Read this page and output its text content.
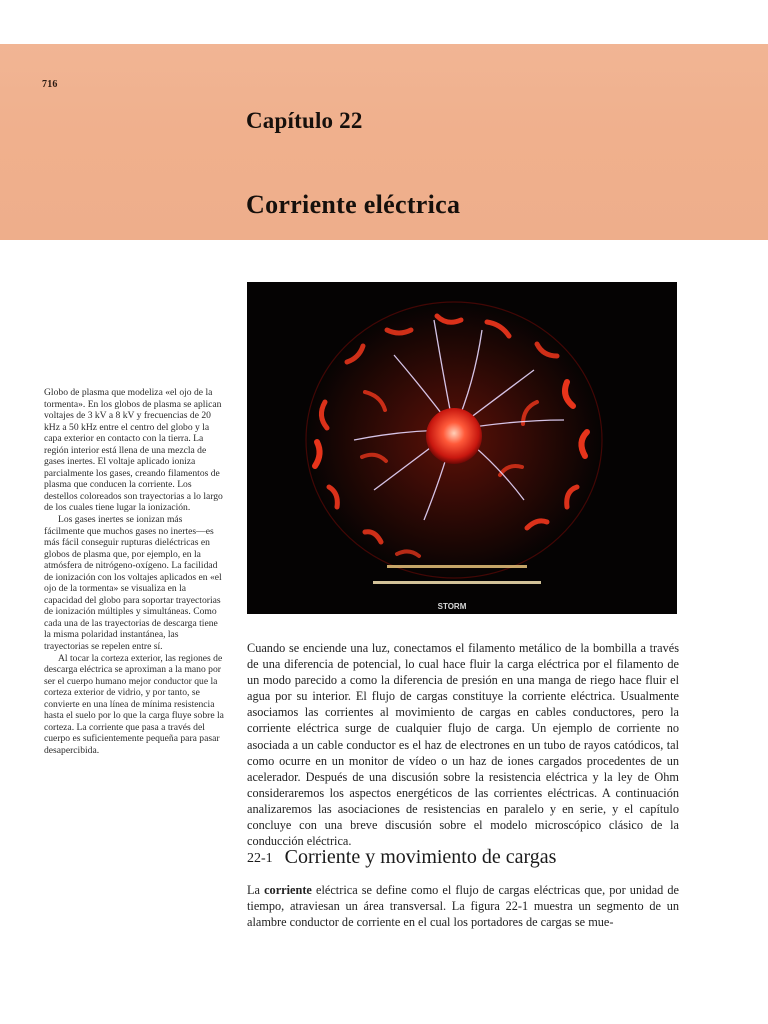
716
Capítulo 22
Corriente eléctrica
STORM

Globo de plasma que modeliza «el ojo de la tormenta». En los globos de plasma se aplican voltajes de 3 kV a 8 kV y frecuencias de 20 kHz a 50 kHz entre el centro del globo y la capa exterior en contacto con la tierra. La región interior está llena de una mezcla de gases inertes. El voltaje aplicado ioniza parcialmente los gases, creando filamentos de plasma que conducen la corriente. Los destellos coloreados son trayectorias a lo largo de los cuales tiene lugar la ionización.

Los gases inertes se ionizan más fácilmente que muchos gases no inertes—es más fácil conseguir rupturas dieléctricas en globos de plasma que, por ejemplo, en la atmósfera de nitrógeno-oxígeno. La facilidad de ionización con los voltajes aplicados en «el ojo de la tormenta» se visualiza en la capacidad del globo para soportar trayectorias de ionización múltiples y simultáneas. Como cada una de las trayectorias de descarga tiene la misma polaridad instantánea, las trayectorias se repelen entre sí.

Al tocar la corteza exterior, las regiones de descarga eléctrica se aproximan a la mano por ser el cuerpo humano mejor conductor que la corteza exterior de vidrio, y por tanto, se convierte en una línea de mínima resistencia hasta el suelo por lo que la carga fluye sobre la corteza. La corriente que pasa a través del cuerpo es suficientemente pequeña para pasar desapercibida.

Cuando se enciende una luz, conectamos el filamento metálico de la bombilla a través de una diferencia de potencial, lo cual hace fluir la carga eléctrica por el filamento de un modo parecido a como la diferencia de presión en una manga de riego hace fluir el agua por su interior. El flujo de cargas constituye la corriente eléctrica. Usualmente asociamos las corrientes al movimiento de cargas en cables conductores, pero la corriente eléctrica surge de cualquier flujo de carga. Un ejemplo de corriente no asociada a un cable conductor es el haz de electrones en un tubo de rayos catódicos, tal como ocurre en un monitor de vídeo o un haz de iones cargados procedentes de un acelerador. Después de una discusión sobre la resistencia eléctrica y la ley de Ohm consideraremos los aspectos energéticos de las corrientes eléctricas. A continuación analizaremos las asociaciones de resistencias en paralelo y en serie, y el capítulo concluye con una breve discusión sobre el modelo microscópico clásico de la conducción eléctrica.

22-1 Corriente y movimiento de cargas

La corriente eléctrica se define como el flujo de cargas eléctricas que, por unidad de tiempo, atraviesan un área transversal. La figura 22-1 muestra un segmento de un alambre conductor de corriente en el cual los portadores de cargas se mue-
